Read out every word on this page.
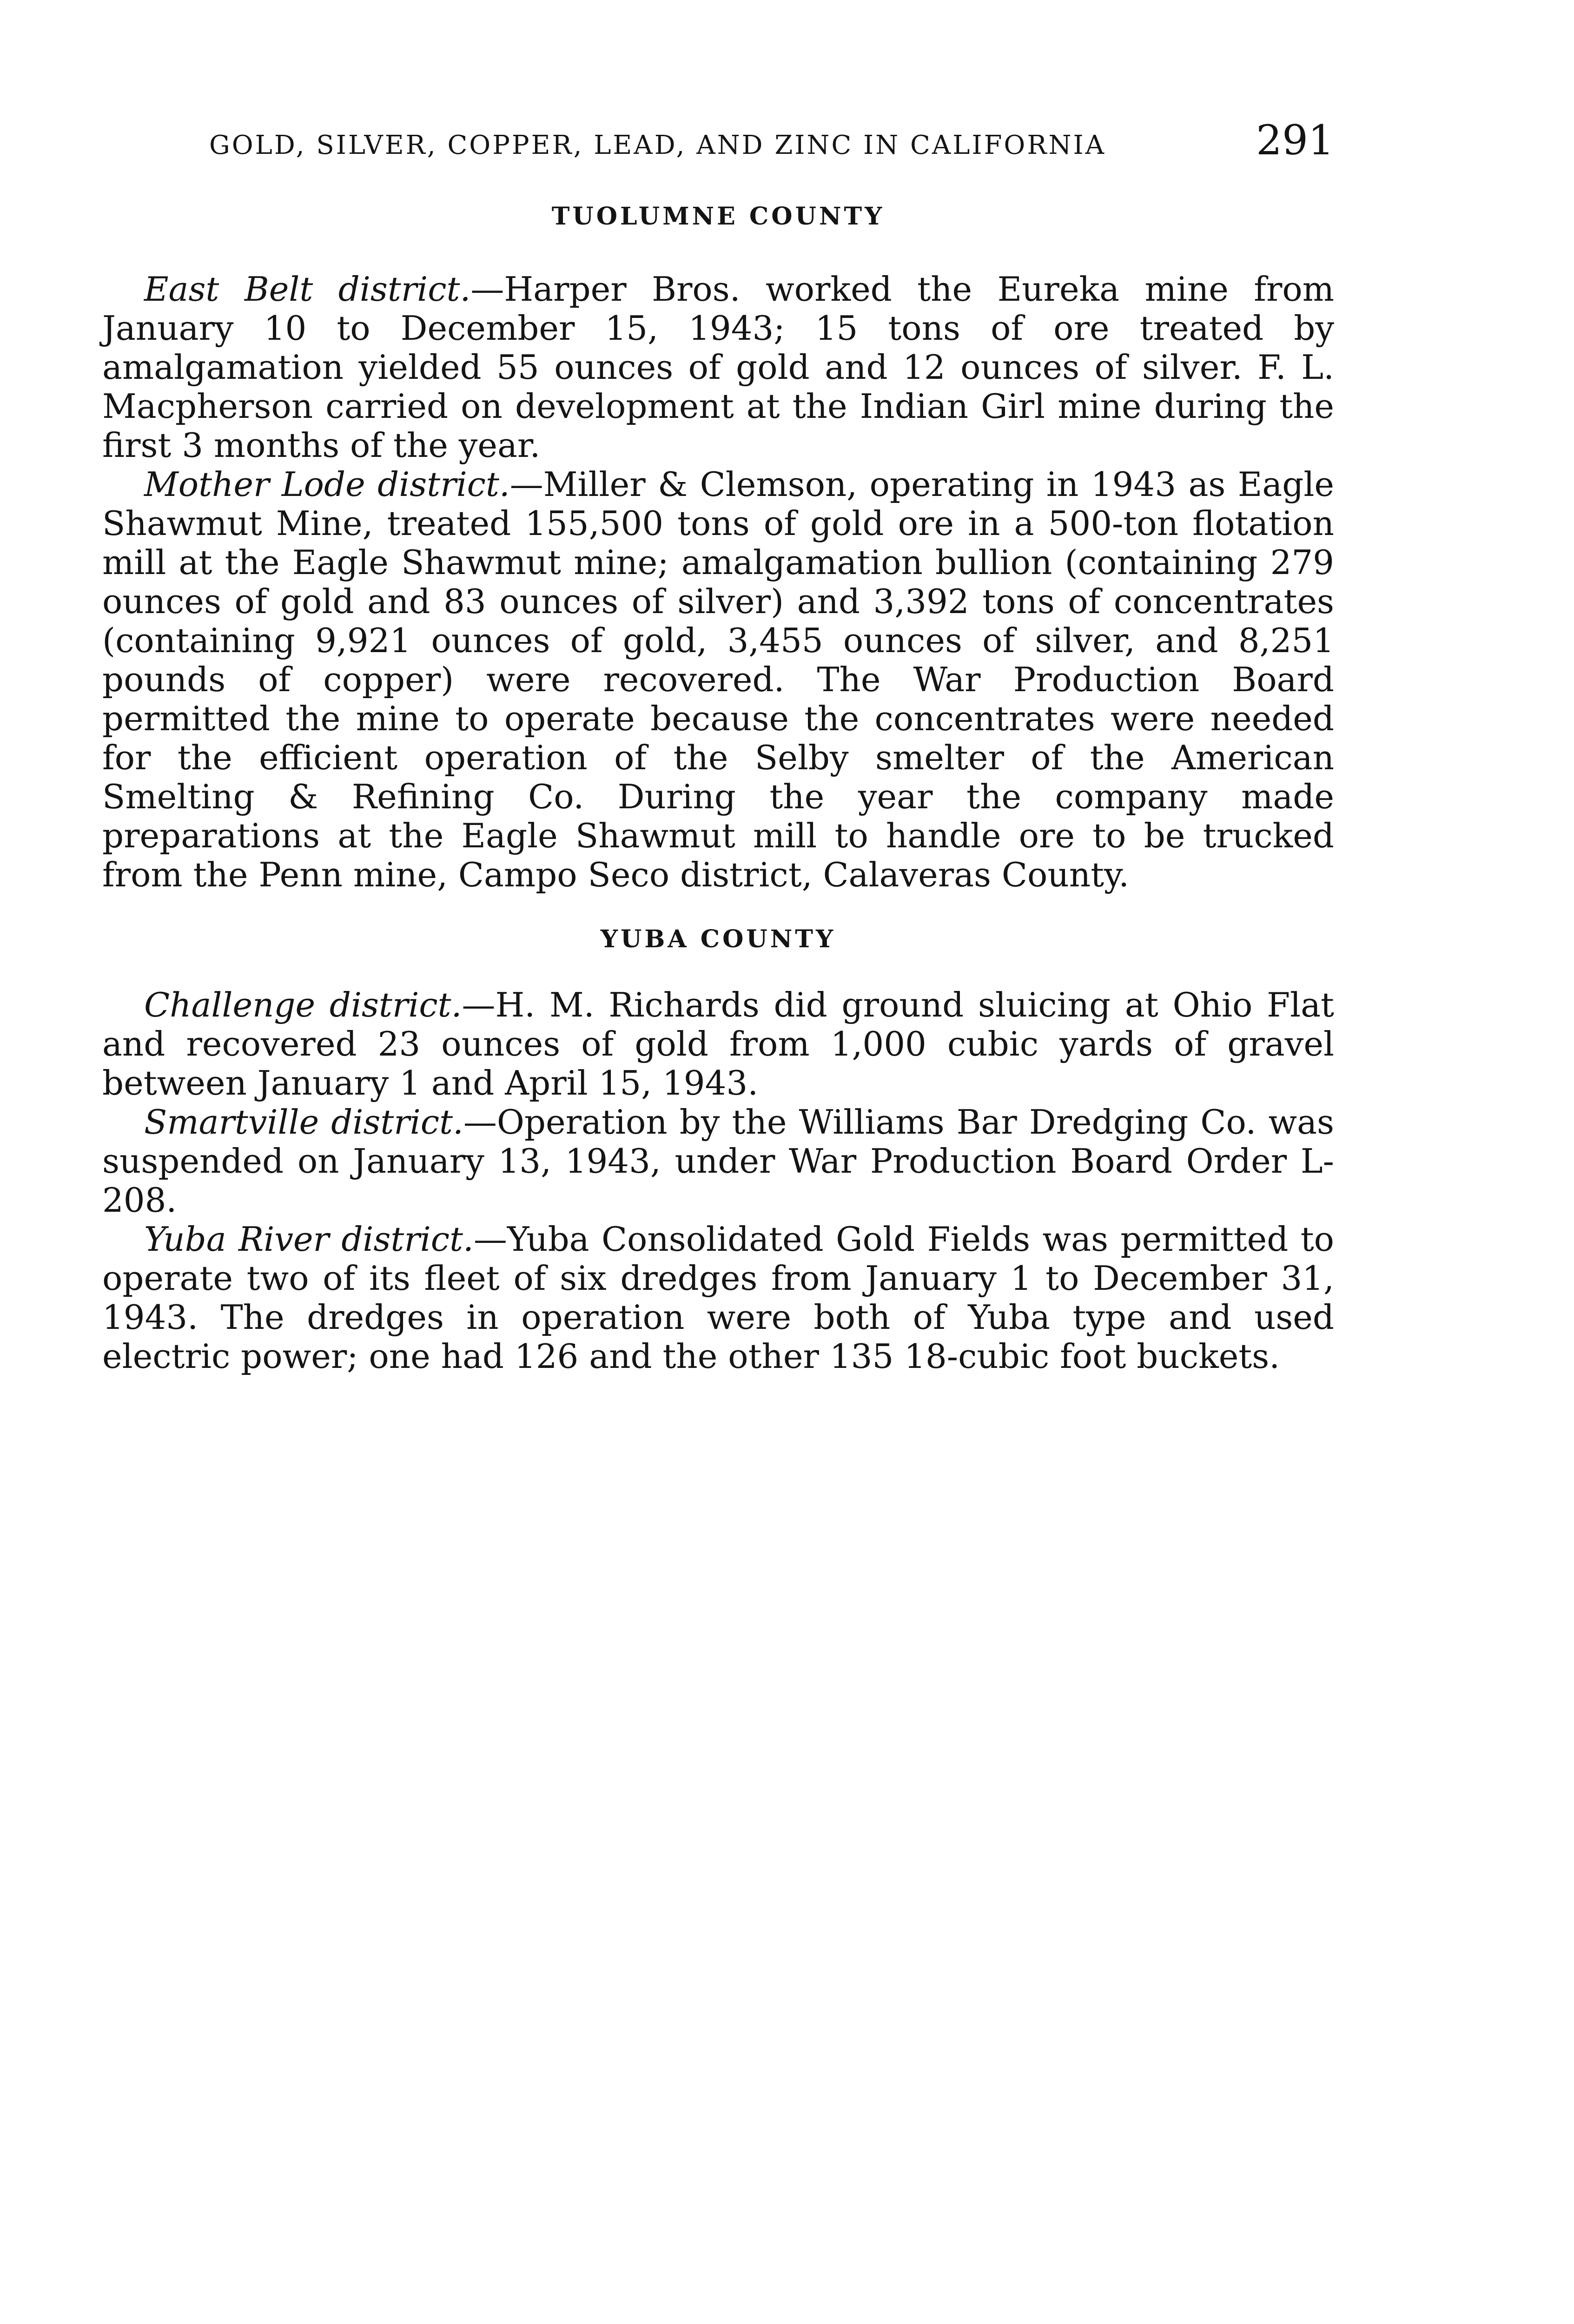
GOLD, SILVER, COPPER, LEAD, AND ZINC IN CALIFORNIA	291
TUOLUMNE COUNTY

East Belt district.—Harper Bros. worked the Eureka mine from January 10 to December 15, 1943; 15 tons of ore treated by amalgamation yielded 55 ounces of gold and 12 ounces of silver. F. L. Macpherson carried on development at the Indian Girl mine during the first 3 months of the year.

Mother Lode district.—Miller & Clemson, operating in 1943 as Eagle Shawmut Mine, treated 155,500 tons of gold ore in a 500-ton flotation mill at the Eagle Shawmut mine; amalgamation bullion (containing 279 ounces of gold and 83 ounces of silver) and 3,392 tons of concentrates (containing 9,921 ounces of gold, 3,455 ounces of silver, and 8,251 pounds of copper) were recovered. The War Production Board permitted the mine to operate because the concentrates were needed for the efficient operation of the Selby smelter of the American Smelting & Refining Co. During the year the company made preparations at the Eagle Shawmut mill to handle ore to be trucked from the Penn mine, Campo Seco district, Calaveras County.

YUBA COUNTY

Challenge district.—H. M. Richards did ground sluicing at Ohio Flat and recovered 23 ounces of gold from 1,000 cubic yards of gravel between January 1 and April 15, 1943.

Smartville district.—Operation by the Williams Bar Dredging Co. was suspended on January 13, 1943, under War Production Board Order L-208.

Yuba River district.—Yuba Consolidated Gold Fields was permitted to operate two of its fleet of six dredges from January 1 to December 31, 1943. The dredges in operation were both of Yuba type and used electric power; one had 126 and the other 135 18-cubic foot buckets.
